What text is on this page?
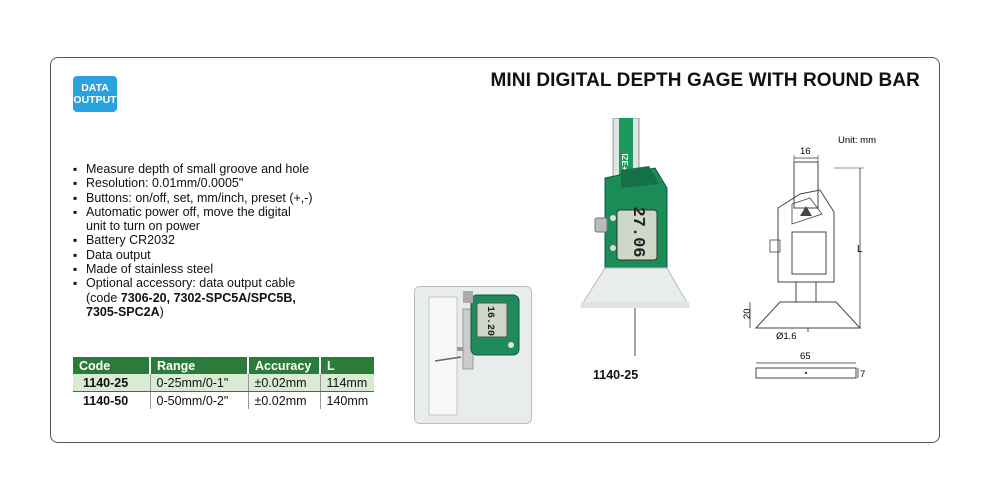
DATA
OUTPUT
MINI DIGITAL DEPTH GAGE WITH ROUND BAR
▪ Measure depth of small groove and hole
▪ Resolution: 0.01mm/0.0005"
▪ Buttons: on/off, set, mm/inch, preset (+,-)
▪ Automatic power off, move the digital
unit to turn on power
▪ Battery CR2032
▪ Data output
▪ Made of stainless steel
▪ Optional accessory: data output cable
(code 7306-20, 7302-SPC5A/SPC5B,
7305-SPC2A)
Code	Range	Accuracy	L
1140-25	0-25mm/0-1"	±0.02mm	114mm
1140-50	0-50mm/0-2"	±0.02mm	140mm
16.20
IZE+
27.06
1140-25
Unit: mm
16
20
L
Ø1.6
65
7
